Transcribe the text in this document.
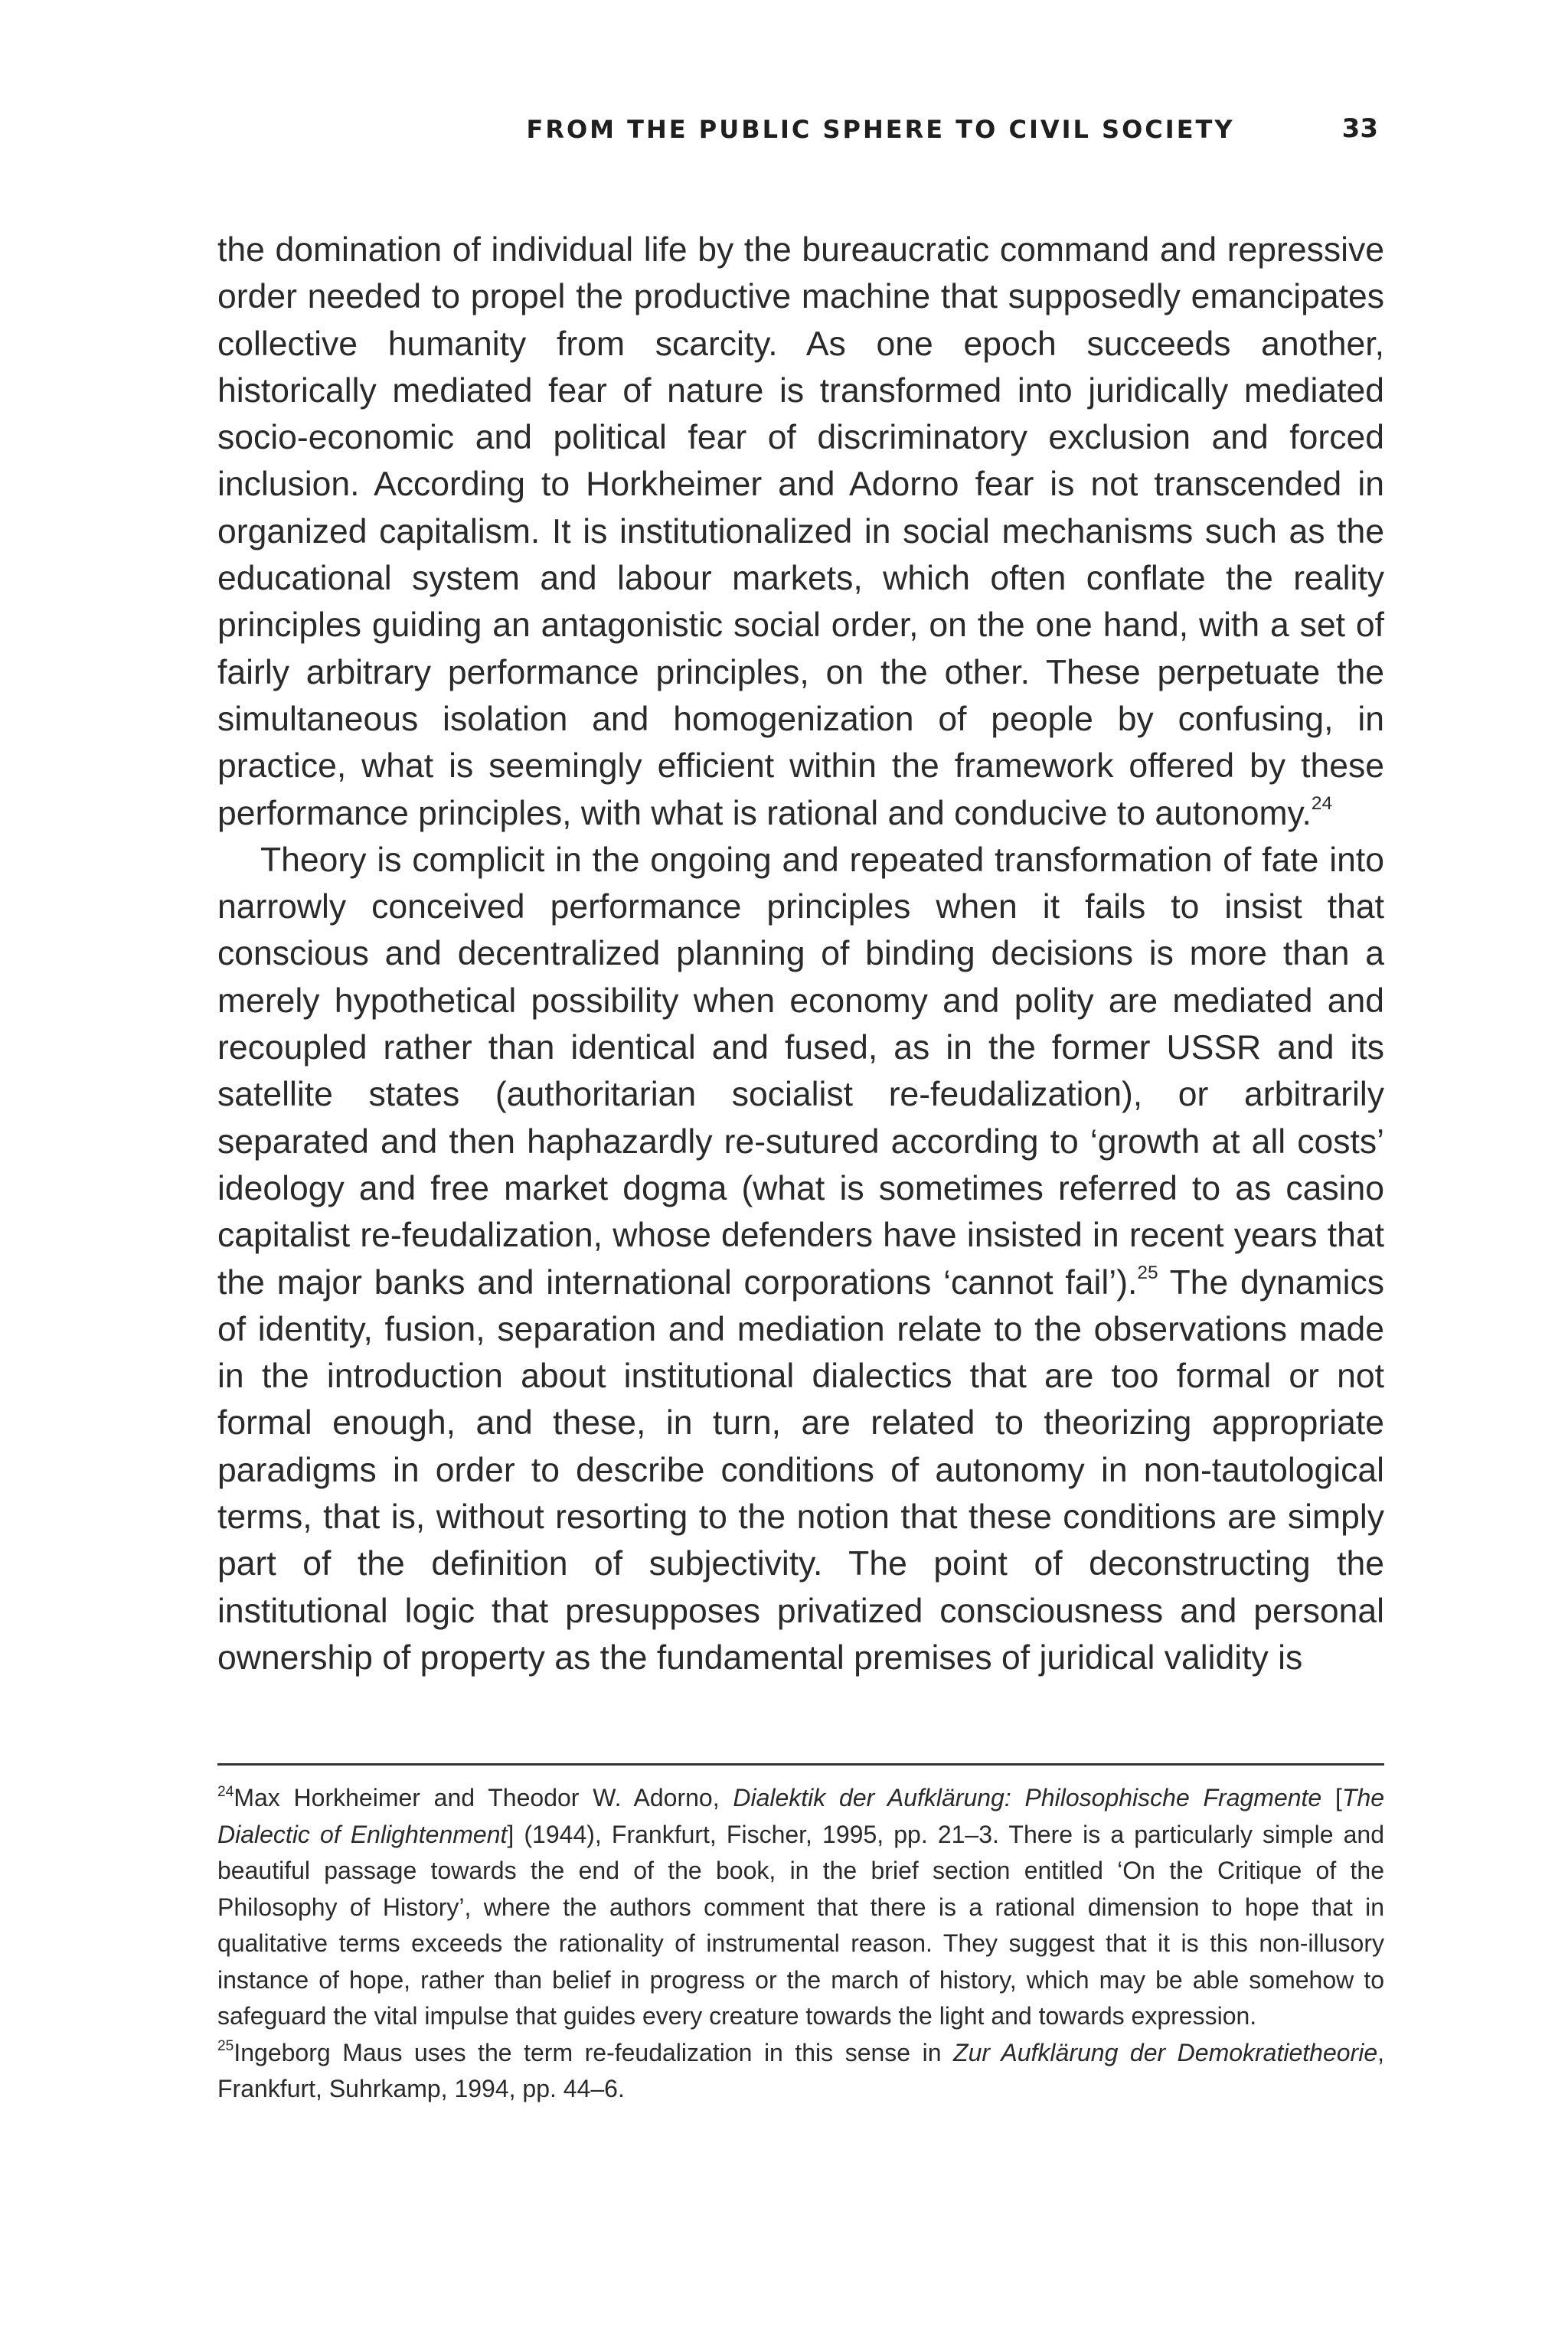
FROM THE PUBLIC SPHERE TO CIVIL SOCIETY	33

the domination of individual life by the bureaucratic command and repressive order needed to propel the productive machine that supposedly emancipates collective humanity from scarcity. As one epoch succeeds another, historically mediated fear of nature is transformed into juridically mediated socio-economic and political fear of discriminatory exclusion and forced inclusion. According to Horkheimer and Adorno fear is not transcended in organized capitalism. It is institutionalized in social mechanisms such as the educational system and labour markets, which often conflate the reality principles guiding an antagonistic social order, on the one hand, with a set of fairly arbitrary performance principles, on the other. These perpetuate the simultaneous isolation and homogenization of people by confusing, in practice, what is seemingly efficient within the framework offered by these performance principles, with what is rational and conducive to autonomy.$^{24}$

Theory is complicit in the ongoing and repeated transformation of fate into narrowly conceived performance principles when it fails to insist that conscious and decentralized planning of binding decisions is more than a merely hypothetical possibility when economy and polity are mediated and recoupled rather than identical and fused, as in the former USSR and its satellite states (authoritarian socialist re-feudalization), or arbitrarily separated and then haphazardly re-sutured according to ‘growth at all costs’ ideology and free market dogma (what is sometimes referred to as casino capitalist re-feudalization, whose defenders have insisted in recent years that the major banks and international corporations ‘cannot fail’).$^{25}$ The dynamics of identity, fusion, separation and mediation relate to the observations made in the introduction about institutional dialectics that are too formal or not formal enough, and these, in turn, are related to theorizing appropriate paradigms in order to describe conditions of autonomy in non-tautological terms, that is, without resorting to the notion that these conditions are simply part of the definition of subjectivity. The point of deconstructing the institutional logic that presupposes privatized consciousness and personal ownership of property as the fundamental premises of juridical validity is

$^{24}$Max Horkheimer and Theodor W. Adorno, Dialektik der Aufklärung: Philosophische Fragmente [The Dialectic of Enlightenment] (1944), Frankfurt, Fischer, 1995, pp. 21–3. There is a particularly simple and beautiful passage towards the end of the book, in the brief section entitled ‘On the Critique of the Philosophy of History’, where the authors comment that there is a rational dimension to hope that in qualitative terms exceeds the rationality of instrumental reason. They suggest that it is this non-illusory instance of hope, rather than belief in progress or the march of history, which may be able somehow to safeguard the vital impulse that guides every creature towards the light and towards expression.

$^{25}$Ingeborg Maus uses the term re-feudalization in this sense in Zur Aufklärung der Demokratietheorie, Frankfurt, Suhrkamp, 1994, pp. 44–6.
